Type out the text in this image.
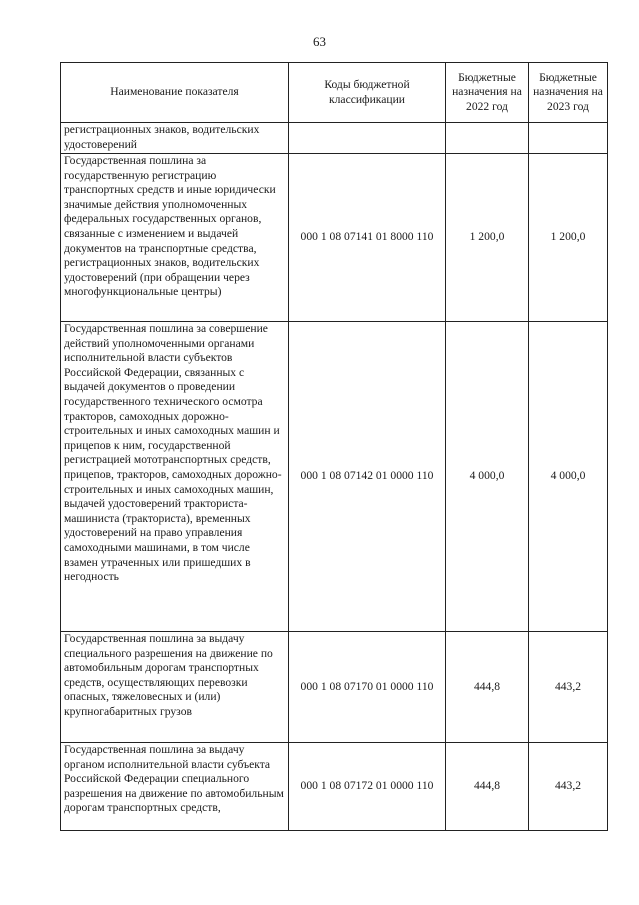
63
Наименование показателя	Коды бюджетной классификации	Бюджетные назначения на 2022 год	Бюджетные назначения на 2023 год
регистрационных знаков, водительских удостоверений			
Государственная пошлина за государственную регистрацию транспортных средств и иные юридически значимые действия уполномоченных федеральных государственных органов, связанные с изменением и выдачей документов на транспортные средства, регистрационных знаков, водительских удостоверений (при обращении через многофункциональные центры)	000 1 08 07141 01 8000 110	1 200,0	1 200,0
Государственная пошлина за совершение действий уполномоченными органами исполнительной власти субъектов Российской Федерации, связанных с выдачей документов о проведении государственного технического осмотра тракторов, самоходных дорожно-строительных и иных самоходных машин и прицепов к ним, государственной регистрацией мототранспортных средств, прицепов, тракторов, самоходных дорожно-строительных и иных самоходных машин, выдачей удостоверений тракториста-машиниста (тракториста), временных удостоверений на право управления самоходными машинами, в том числе взамен утраченных или пришедших в негодность	000 1 08 07142 01 0000 110	4 000,0	4 000,0
Государственная пошлина за выдачу специального разрешения на движение по автомобильным дорогам транспортных средств, осуществляющих перевозки опасных, тяжеловесных и (или) крупногабаритных грузов	000 1 08 07170 01 0000 110	444,8	443,2
Государственная пошлина за выдачу органом исполнительной власти субъекта Российской Федерации специального разрешения на движение по автомобильным дорогам транспортных средств,	000 1 08 07172 01 0000 110	444,8	443,2
